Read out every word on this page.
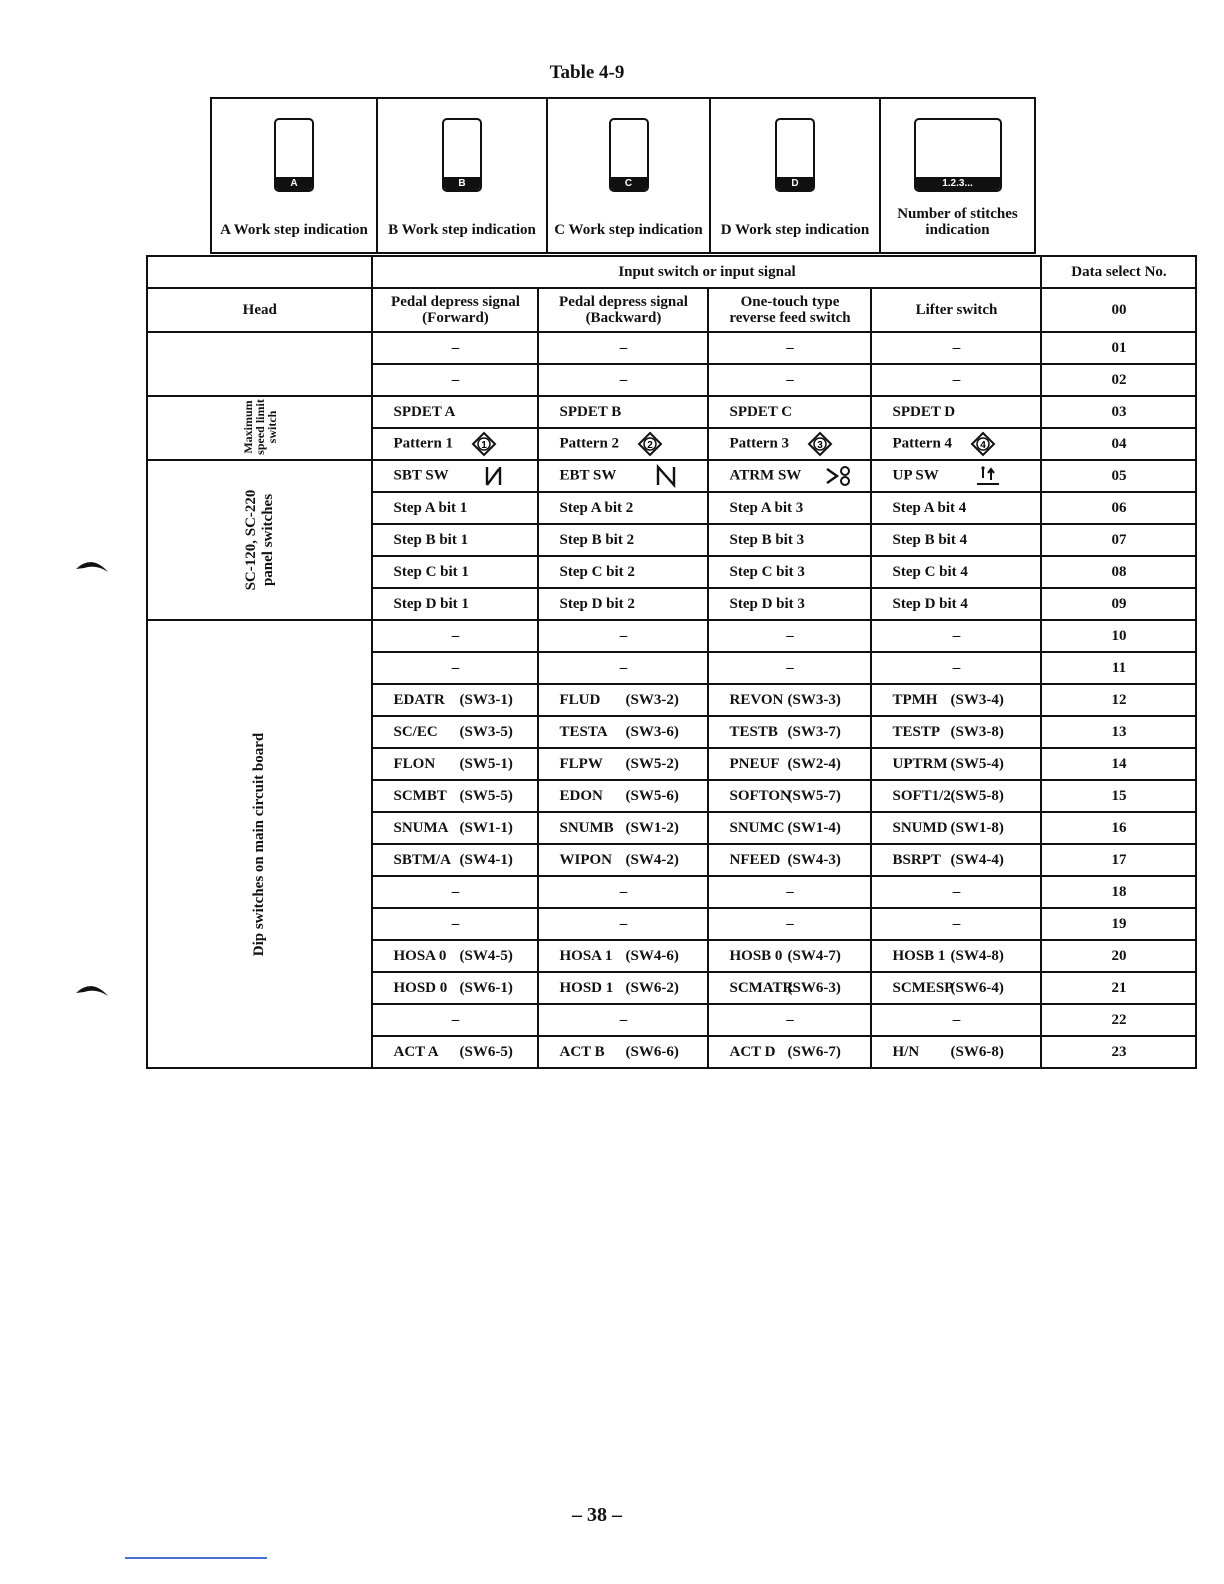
Table 4-9
A
A Work step indication

B
B Work step indication

C
C Work step indication

D
D Work step indication

1.2.3...
Number of stitches indication
	Input switch or input signal				Data select No.
Head	Pedal depress signal (Forward)	Pedal depress signal (Backward)	One-touch type reverse feed switch	Lifter switch	00
	–	–	–	–	01
	–	–	–	–	02
Maximum speed limit switch	SPDET A	SPDET B	SPDET C	SPDET D	03
	Pattern 1 1	Pattern 2 2	Pattern 3 3	Pattern 4 4	04
SC-120, SC-220 panel switches	SBT SW	EBT SW	ATRM SW	UP SW	05
	Step A bit 1	Step A bit 2	Step A bit 3	Step A bit 4	06
	Step B bit 1	Step B bit 2	Step B bit 3	Step B bit 4	07
	Step C bit 1	Step C bit 2	Step C bit 3	Step C bit 4	08
	Step D bit 1	Step D bit 2	Step D bit 3	Step D bit 4	09
Dip switches on main circuit board	–	–	–	–	10
	–	–	–	–	11
	EDATR (SW3-1)	FLUD (SW3-2)	REVON (SW3-3)	TPMH (SW3-4)	12
	SC/EC (SW3-5)	TESTA (SW3-6)	TESTB (SW3-7)	TESTP (SW3-8)	13
	FLON (SW5-1)	FLPW (SW5-2)	PNEUF (SW2-4)	UPTRM (SW5-4)	14
	SCMBT (SW5-5)	EDON (SW5-6)	SOFTON(SW5-7)	SOFT1/2(SW5-8)	15
	SNUMA (SW1-1)	SNUMB (SW1-2)	SNUMC (SW1-4)	SNUMD (SW1-8)	16
	SBTM/A (SW4-1)	WIPON (SW4-2)	NFEED (SW4-3)	BSRPT (SW4-4)	17
	–	–	–	–	18
	–	–	–	–	19
	HOSA 0 (SW4-5)	HOSA 1 (SW4-6)	HOSB 0 (SW4-7)	HOSB 1 (SW4-8)	20
	HOSD 0 (SW6-1)	HOSD 1 (SW6-2)	SCMATR(SW6-3)	SCMESP(SW6-4)	21
	–	–	–	–	22
	ACT A (SW6-5)	ACT B (SW6-6)	ACT D (SW6-7)	H/N (SW6-8)	23
– 38 –
